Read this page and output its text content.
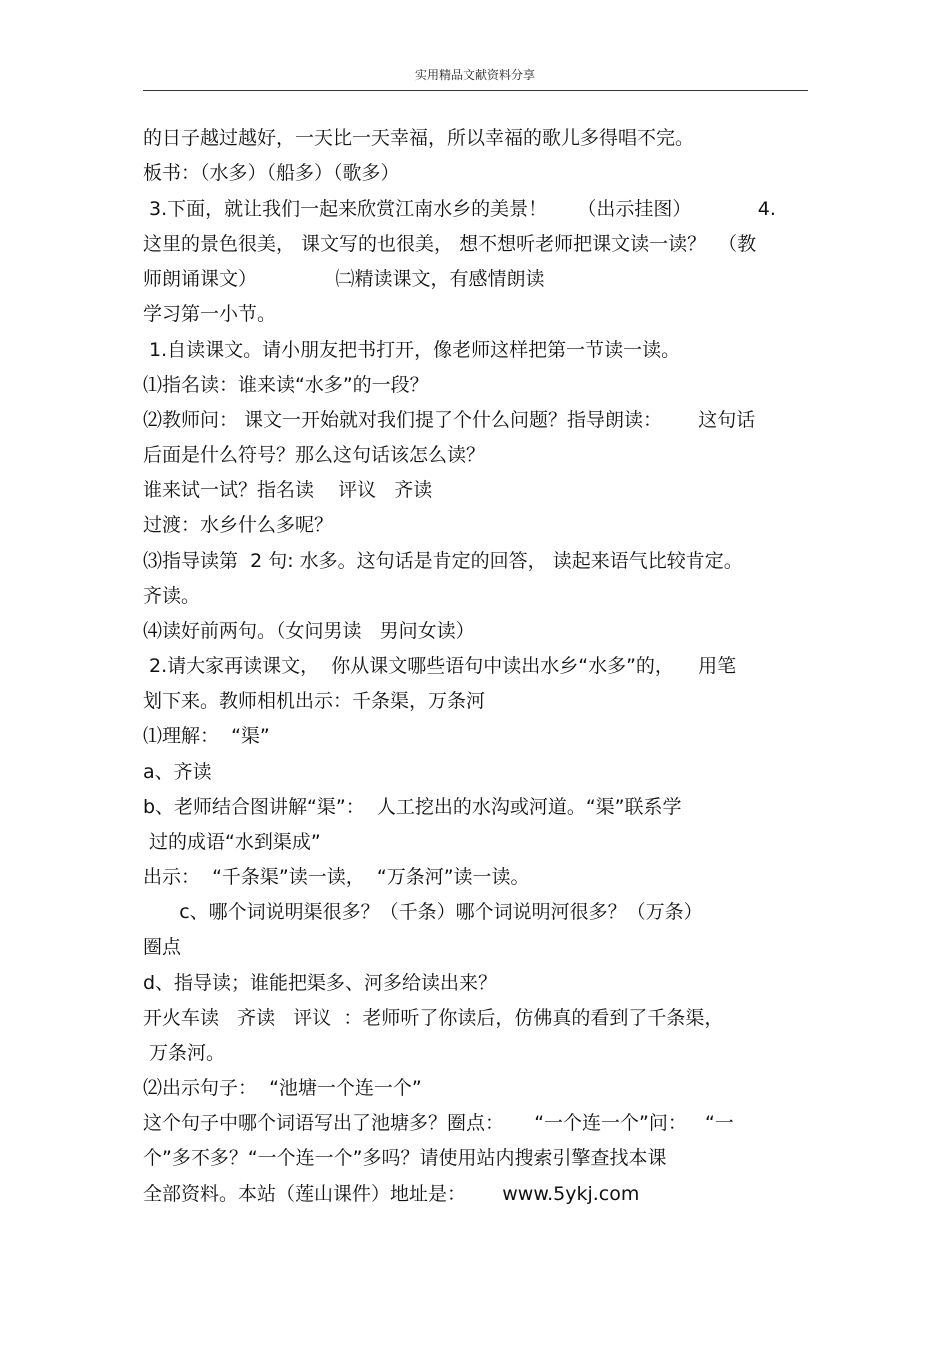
实用精品文献资料分享
的日子越过越好，一天比一天幸福，所以幸福的歌儿多得唱不完。
板书：（水多）（船多）（歌多）
3.下面，就让我们一起来欣赏江南水乡的美景！     （出示挂图）           4.
这里的景色很美， 课文写的也很美， 想不想听老师把课文读一读？  （教
师朗诵课文）             ㈡精读课文，有感情朗读
学习第一小节。
1.自读课文。请小朋友把书打开，像老师这样把第一节读一读。
⑴指名读：谁来读“水多”的一段？
⑵教师问： 课文一开始就对我们提了个什么问题？指导朗读：      这句话
后面是什么符号？那么这句话该怎么读？
谁来试一试？指名读    评议   齐读
过渡：水乡什么多呢？
⑶指导读第  2 句: 水多。这句话是肯定的回答， 读起来语气比较肯定。
齐读。
⑷读好前两句。（女问男读   男问女读）
2.请大家再读课文，  你从课文哪些语句中读出水乡“水多”的，    用笔
划下来。教师相机出示：千条渠，万条河
⑴理解：  “渠”
a、齐读
b、老师结合图讲解“渠”：  人工挖出的水沟或河道。“渠”联系学
过的成语“水到渠成”
出示：  “千条渠”读一读，  “万条河”读一读。
c、哪个词说明渠很多？（千条）哪个词说明河很多？（万条）
圈点
d、指导读；谁能把渠多、河多给读出来？
开火车读   齐读   评议  ：老师听了你读后，仿佛真的看到了千条渠，
万条河。
⑵出示句子：  “池塘一个连一个”
这个句子中哪个词语写出了池塘多？圈点：     “一个连一个”问：   “一
个”多不多？“一个连一个”多吗？请使用站内搜索引擎查找本课
全部资料。本站（莲山课件）地址是：      www.5ykj.com
